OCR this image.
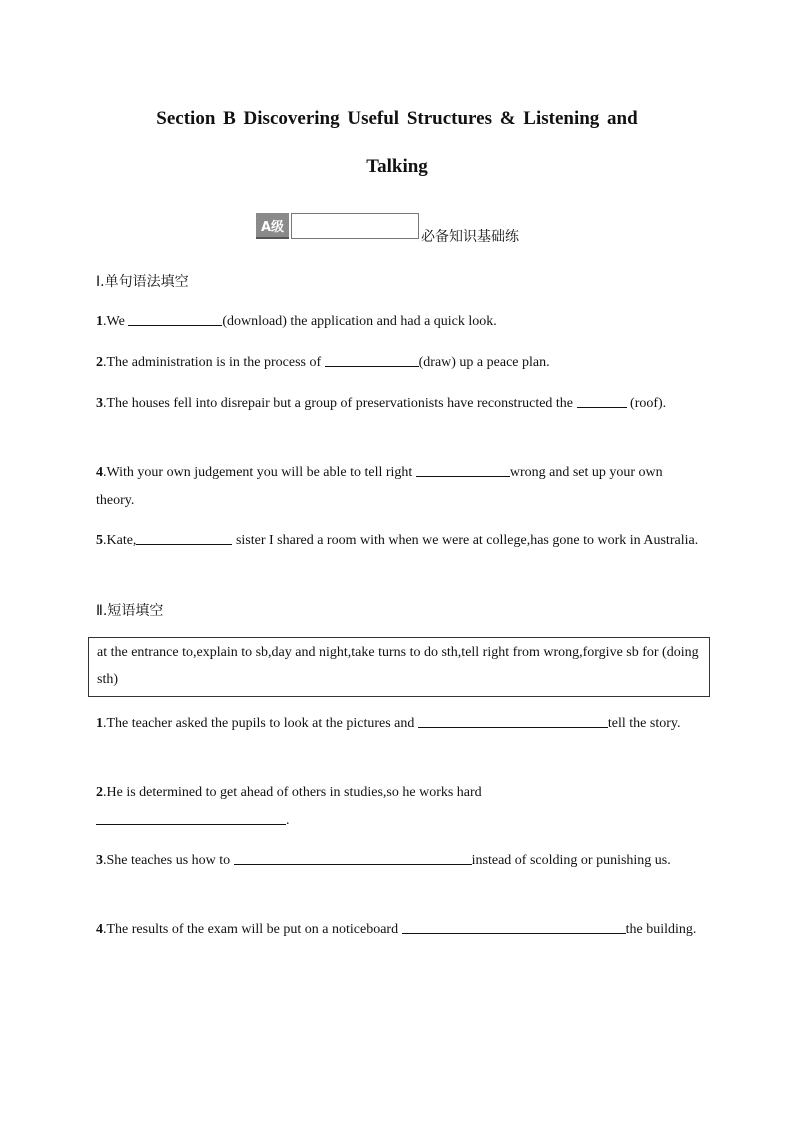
Section B Discovering Useful Structures & Listening and
Talking
A级
必备知识基础练
Ⅰ.单句语法填空
1.We	(download) the application and had a quick look.
2.The administration is in the process of	(draw) up a peace plan.
3.The houses fell into disrepair but a group of preservationists have reconstructed the	(roof).
4.With your own judgement you will be able to tell right	wrong and set up your own theory.
5.Kate,	sister I shared a room with when we were at college,has gone to work in Australia.
Ⅱ.短语填空
at the entrance to,explain to sb,day and night,take turns to do sth,tell right from wrong,forgive sb for (doing sth)
1.The teacher asked the pupils to look at the pictures and	tell the story.
2.He is determined to get ahead of others in studies,so he works hard .
3.She teaches us how to	instead of scolding or punishing us.
4.The results of the exam will be put on a noticeboard	the building.
